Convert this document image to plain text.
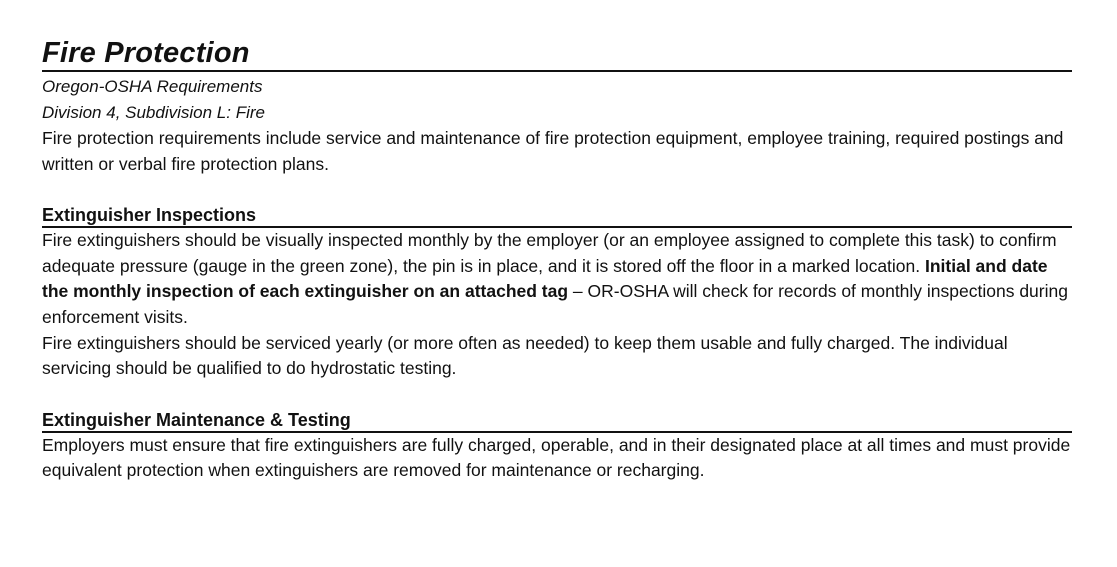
Fire Protection

Oregon-OSHA Requirements

Division 4, Subdivision L: Fire

Fire protection requirements include service and maintenance of fire protection equipment, employee training, required postings and written or verbal fire protection plans.

Extinguisher Inspections

Fire extinguishers should be visually inspected monthly by the employer (or an employee assigned to complete this task) to confirm adequate pressure (gauge in the green zone), the pin is in place, and it is stored off the floor in a marked location. Initial and date the monthly inspection of each extinguisher on an attached tag – OR-OSHA will check for records of monthly inspections during enforcement visits.

Fire extinguishers should be serviced yearly (or more often as needed) to keep them usable and fully charged. The individual servicing should be qualified to do hydrostatic testing.

Extinguisher Maintenance & Testing

Employers must ensure that fire extinguishers are fully charged, operable, and in their designated place at all times and must provide equivalent protection when extinguishers are removed for maintenance or recharging.
